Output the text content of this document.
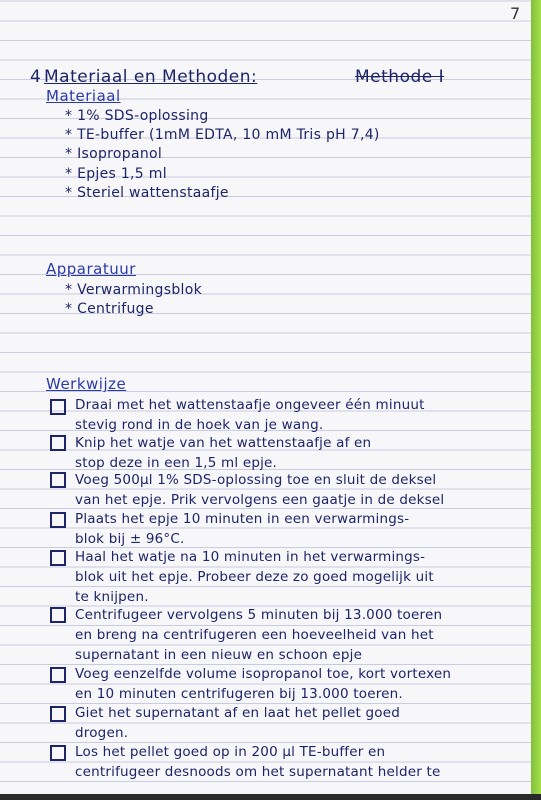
7
4 Materiaal en Methoden:	Methode I
Materiaal
* 1% SDS-oplossing
* TE-buffer (1mM EDTA, 10 mM Tris pH 7,4)
* Isopropanol
* Epjes 1,5 ml
* Steriel wattenstaafje
Apparatuur
* Verwarmingsblok
* Centrifuge
Werkwijze
Draai met het wattenstaafje ongeveer één minuut
stevig rond in de hoek van je wang.
Knip het watje van het wattenstaafje af en
stop deze in een 1,5 ml epje.
Voeg 500µl 1% SDS-oplossing toe en sluit de deksel
van het epje. Prik vervolgens een gaatje in de deksel
Plaats het epje 10 minuten in een verwarmings-
blok bij ± 96°C.
Haal het watje na 10 minuten in het verwarmings-
blok uit het epje. Probeer deze zo goed mogelijk uit
te knijpen.
Centrifugeer vervolgens 5 minuten bij 13.000 toeren
en breng na centrifugeren een hoeveelheid van het
supernatant in een nieuw en schoon epje
Voeg eenzelfde volume isopropanol toe, kort vortexen
en 10 minuten centrifugeren bij 13.000 toeren.
Giet het supernatant af en laat het pellet goed
drogen.
Los het pellet goed op in 200 µl TE-buffer en
centrifugeer desnoods om het supernatant helder te
